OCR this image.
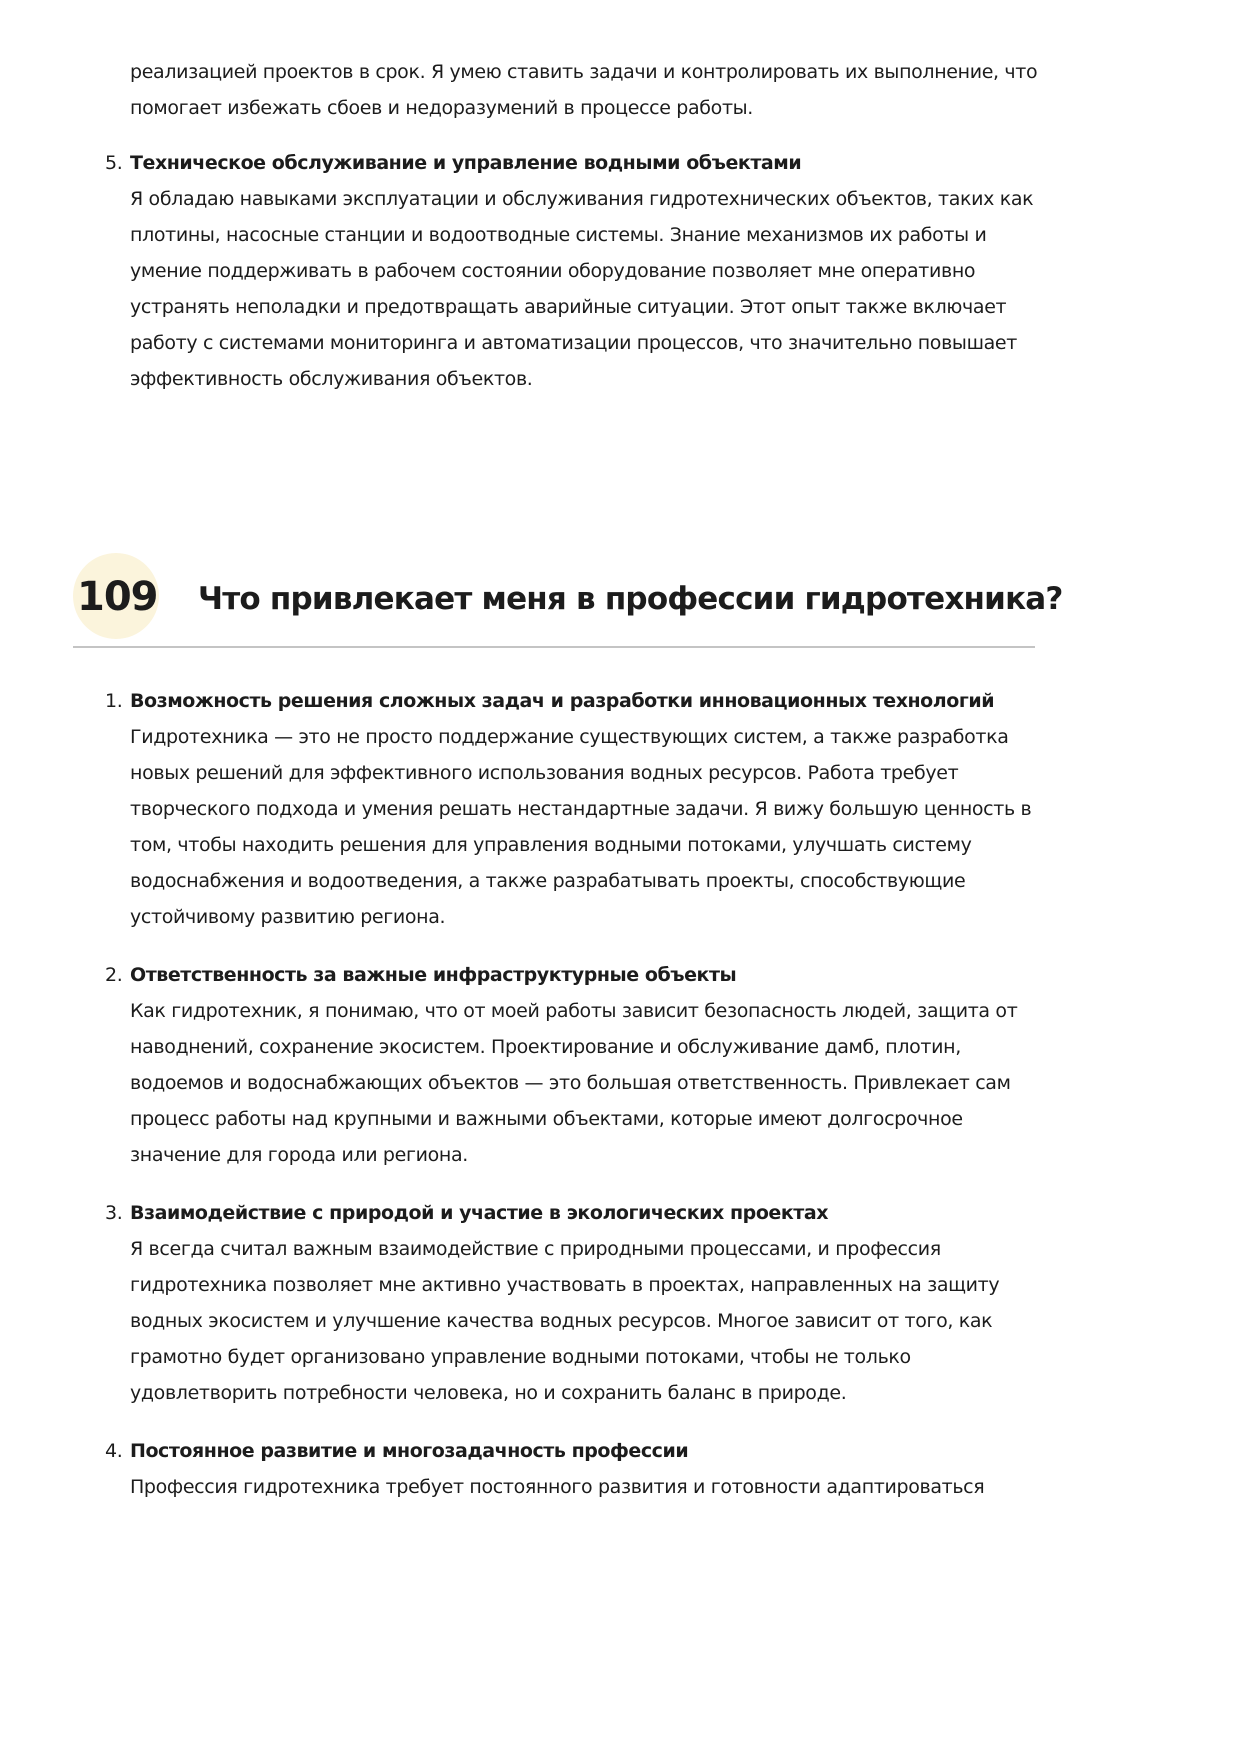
реализацией проектов в срок. Я умею ставить задачи и контролировать их выполнение, что помогает избежать сбоев и недоразумений в процессе работы.

5. Техническое обслуживание и управление водными объектами

Я обладаю навыками эксплуатации и обслуживания гидротехнических объектов, таких как плотины, насосные станции и водоотводные системы. Знание механизмов их работы и умение поддерживать в рабочем состоянии оборудование позволяет мне оперативно устранять неполадки и предотвращать аварийные ситуации. Этот опыт также включает работу с системами мониторинга и автоматизации процессов, что значительно повышает эффективность обслуживания объектов.

109 Что привлекает меня в профессии гидротехника?
1. Возможность решения сложных задач и разработки инновационных технологий

Гидротехника — это не просто поддержание существующих систем, а также разработка новых решений для эффективного использования водных ресурсов. Работа требует творческого подхода и умения решать нестандартные задачи. Я вижу большую ценность в том, чтобы находить решения для управления водными потоками, улучшать систему водоснабжения и водоотведения, а также разрабатывать проекты, способствующие устойчивому развитию региона.

2. Ответственность за важные инфраструктурные объекты

Как гидротехник, я понимаю, что от моей работы зависит безопасность людей, защита от наводнений, сохранение экосистем. Проектирование и обслуживание дамб, плотин, водоемов и водоснабжающих объектов — это большая ответственность. Привлекает сам процесс работы над крупными и важными объектами, которые имеют долгосрочное значение для города или региона.

3. Взаимодействие с природой и участие в экологических проектах

Я всегда считал важным взаимодействие с природными процессами, и профессия гидротехника позволяет мне активно участвовать в проектах, направленных на защиту водных экосистем и улучшение качества водных ресурсов. Многое зависит от того, как грамотно будет организовано управление водными потоками, чтобы не только удовлетворить потребности человека, но и сохранить баланс в природе.

4. Постоянное развитие и многозадачность профессии

Профессия гидротехника требует постоянного развития и готовности адаптироваться
